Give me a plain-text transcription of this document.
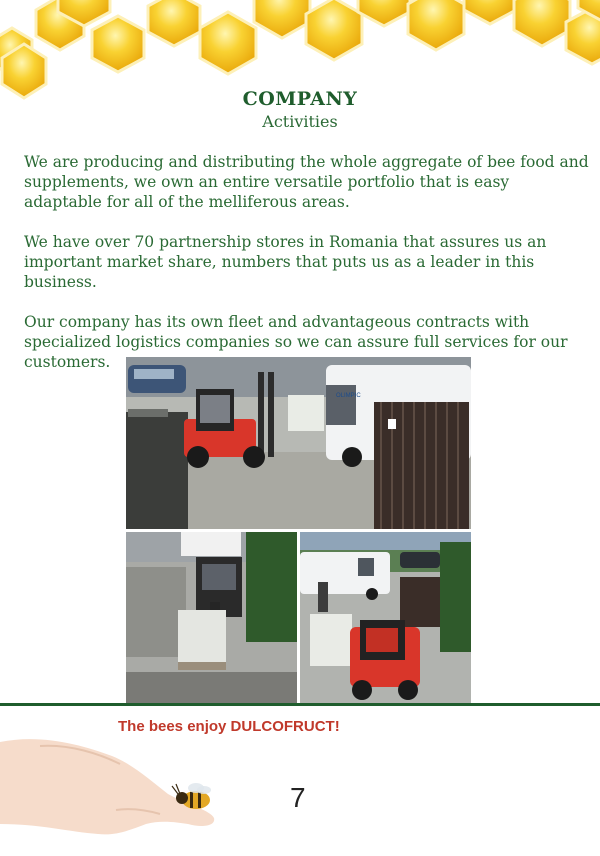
COMPANY
Activities

We are producing and distributing the whole aggregate of bee food and supplements, we own an entire versatile portfolio that is easy adaptable for all of the melliferous areas.

We have over 70 partnership stores in Romania that assures us an important market share, numbers that puts us as a leader in this business.

Our company has its own fleet and advantageous contracts with specialized logistics companies so we can assure full services for our customers.

OLIMPIC
The bees enjoy DULCOFRUCT!
7
